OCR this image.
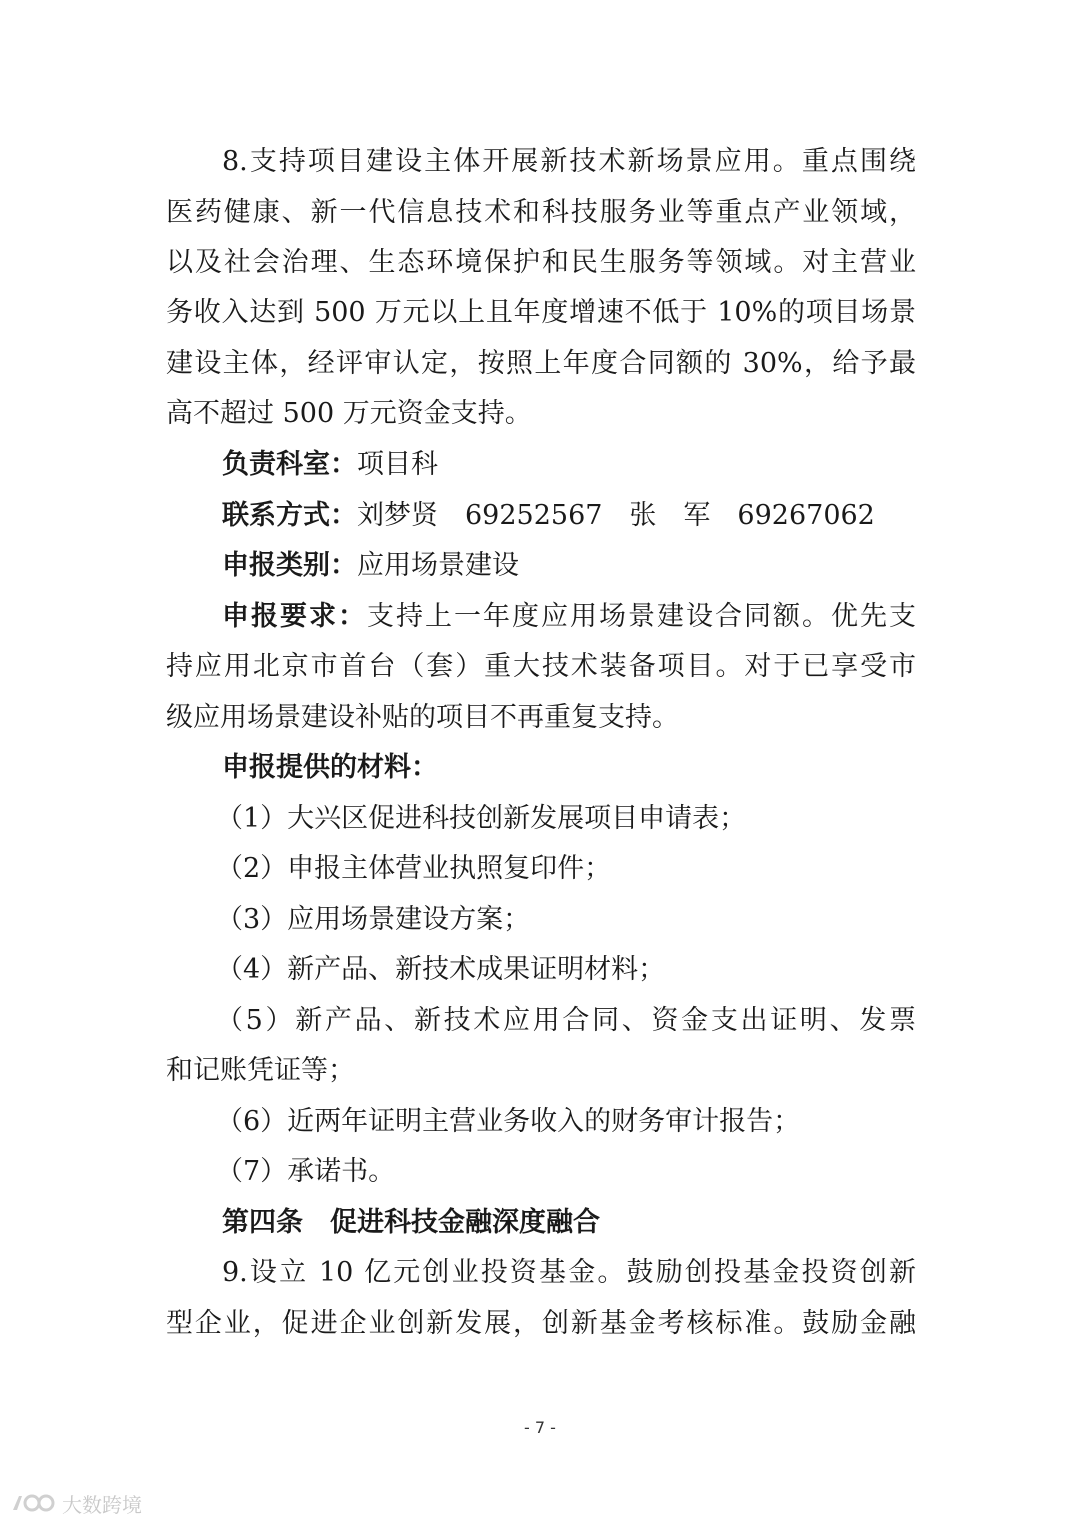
8.支持项目建设主体开展新技术新场景应用。重点围绕
医药健康、新一代信息技术和科技服务业等重点产业领域，
以及社会治理、生态环境保护和民生服务等领域。对主营业
务收入达到 500 万元以上且年度增速不低于 10%的项目场景
建设主体，经评审认定，按照上年度合同额的 30%，给予最
高不超过 500 万元资金支持。
负责科室：项目科
联系方式：刘梦贤　69252567　张　军　69267062
申报类别：应用场景建设
申报要求：支持上一年度应用场景建设合同额。优先支
持应用北京市首台（套）重大技术装备项目。对于已享受市
级应用场景建设补贴的项目不再重复支持。
申报提供的材料：
（1）大兴区促进科技创新发展项目申请表；
（2）申报主体营业执照复印件；
（3）应用场景建设方案；
（4）新产品、新技术成果证明材料；
（5）新产品、新技术应用合同、资金支出证明、发票
和记账凭证等；
（6）近两年证明主营业务收入的财务审计报告；
（7）承诺书。
第四条　促进科技金融深度融合
9.设立 10 亿元创业投资基金。鼓励创投基金投资创新
型企业，促进企业创新发展，创新基金考核标准。鼓励金融
- 7 -
大数跨境
